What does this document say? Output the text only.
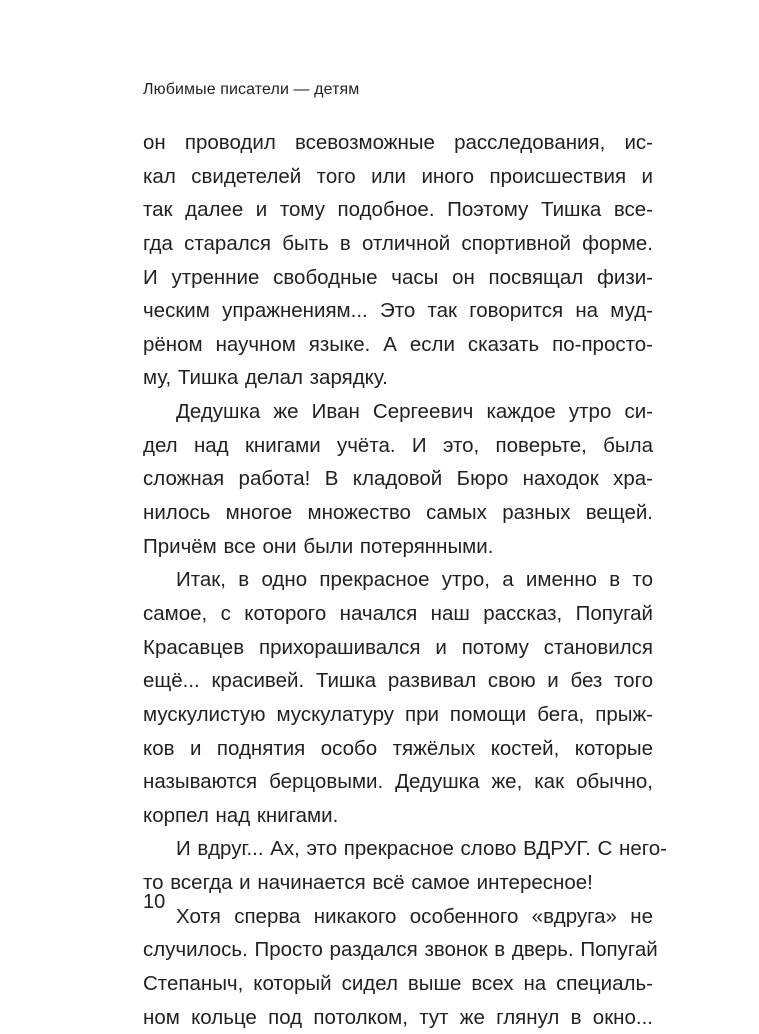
Любимые писатели — детям
он проводил всевозможные расследования, ис-
кал свидетелей того или иного происшествия и
так далее и тому подобное. Поэтому Тишка все-
гда старался быть в отличной спортивной форме.
И утренние свободные часы он посвящал физи-
ческим упражнениям... Это так говорится на муд-
рёном научном языке. А если сказать по-просто-
му, Тишка делал зарядку.
Дедушка же Иван Сергеевич каждое утро си-
дел над книгами учёта. И это, поверьте, была
сложная работа! В кладовой Бюро находок хра-
нилось многое множество самых разных вещей.
Причём все они были потерянными.
Итак, в одно прекрасное утро, а именно в то
самое, с которого начался наш рассказ, Попугай
Красавцев прихорашивался и потому становился
ещё... красивей. Тишка развивал свою и без того
мускулистую мускулатуру при помощи бега, прыж-
ков и поднятия особо тяжёлых костей, которые
называются берцовыми. Дедушка же, как обычно,
корпел над книгами.
И вдруг... Ах, это прекрасное слово ВДРУГ. С него-
то всегда и начинается всё самое интересное!
Хотя сперва никакого особенного «вдруга» не
случилось. Просто раздался звонок в дверь. Попугай
Степаныч, который сидел выше всех на специаль-
ном кольце под потолком, тут же глянул в окно...
10
